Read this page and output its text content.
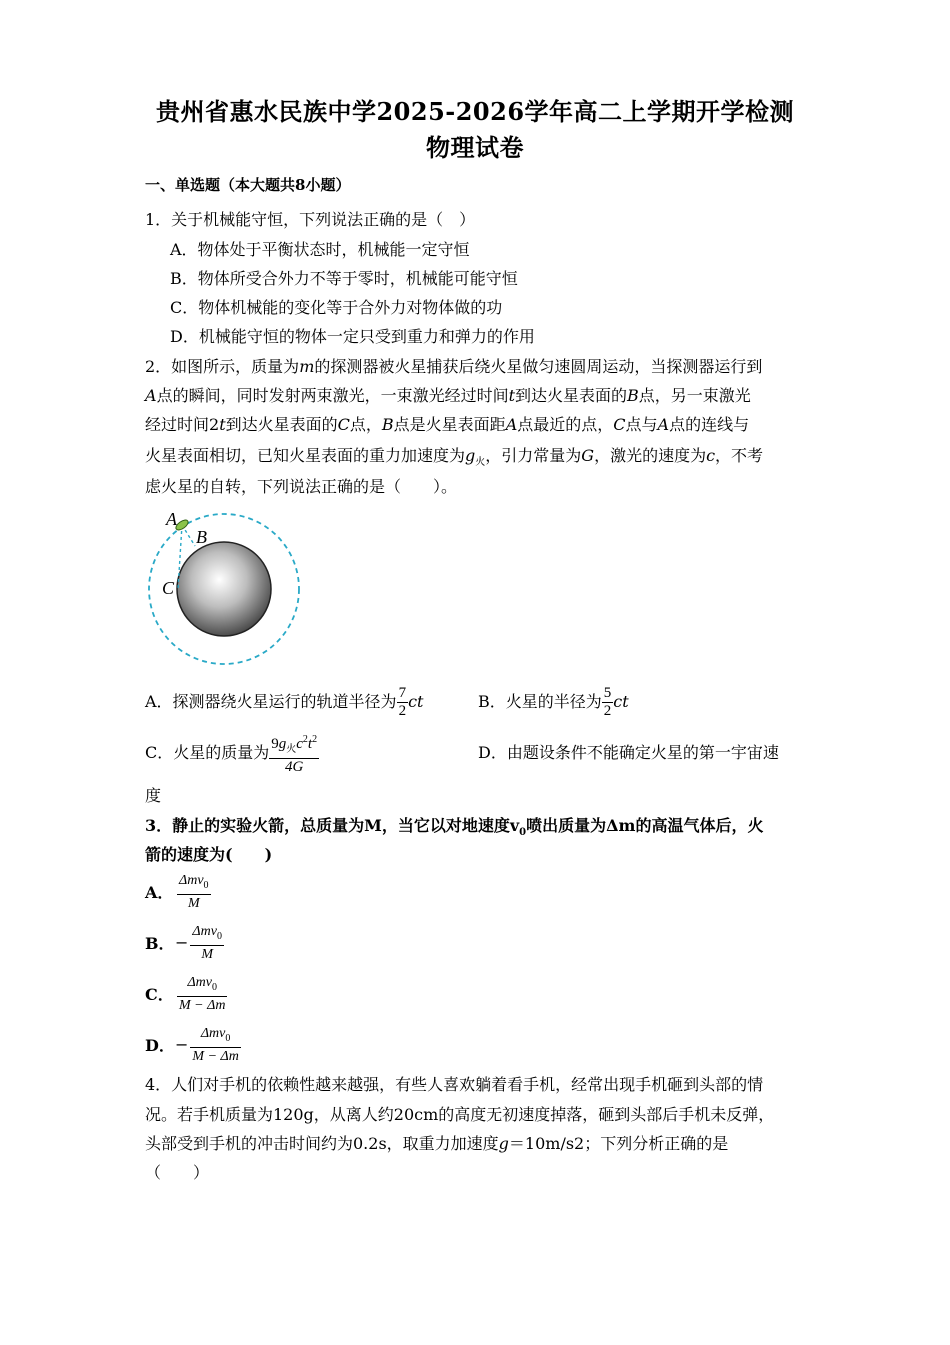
贵州省惠水民族中学2025-2026学年高二上学期开学检测
物理试卷
一、单选题（本大题共8小题）
1．关于机械能守恒，下列说法正确的是（　）
A．物体处于平衡状态时，机械能一定守恒
B．物体所受合外力不等于零时，机械能可能守恒
C．物体机械能的变化等于合外力对物体做的功
D．机械能守恒的物体一定只受到重力和弹力的作用
2．如图所示，质量为m的探测器被火星捕获后绕火星做匀速圆周运动，当探测器运行到
A点的瞬间，同时发射两束激光，一束激光经过时间t到达火星表面的B点，另一束激光
经过时间2t到达火星表面的C点，B点是火星表面距A点最近的点，C点与A点的连线与
火星表面相切，已知火星表面的重力加速度为$g_火$，引力常量为G，激光的速度为c，不考
虑火星的自转，下列说法正确的是（　　）。
A
B
C
A．探测器绕火星运行的轨道半径为 $\frac{7}{2}$ ct	B．火星的半径为 $\frac{5}{2}$ ct
C．火星的质量为 $\frac{9g_火c^2t^2}{4G}$	D．由题设条件不能确定火星的第一宇宙速
度
3．静止的实验火箭，总质量为M，当它以对地速度$v_0$喷出质量为Δm的高温气体后，火
箭的速度为(　　)
A． $\frac{\Delta mv_0}{M}$
B．− $\frac{\Delta mv_0}{M}$
C． $\frac{\Delta mv_0}{M - \Delta m}$
D．− $\frac{\Delta mv_0}{M - \Delta m}$
4．人们对手机的依赖性越来越强，有些人喜欢躺着看手机，经常出现手机砸到头部的情
况。若手机质量为120g，从离人约20cm的高度无初速度掉落，砸到头部后手机未反弹，
头部受到手机的冲击时间约为0.2s，取重力加速度g＝10m/s2；下列分析正确的是
（　　）
